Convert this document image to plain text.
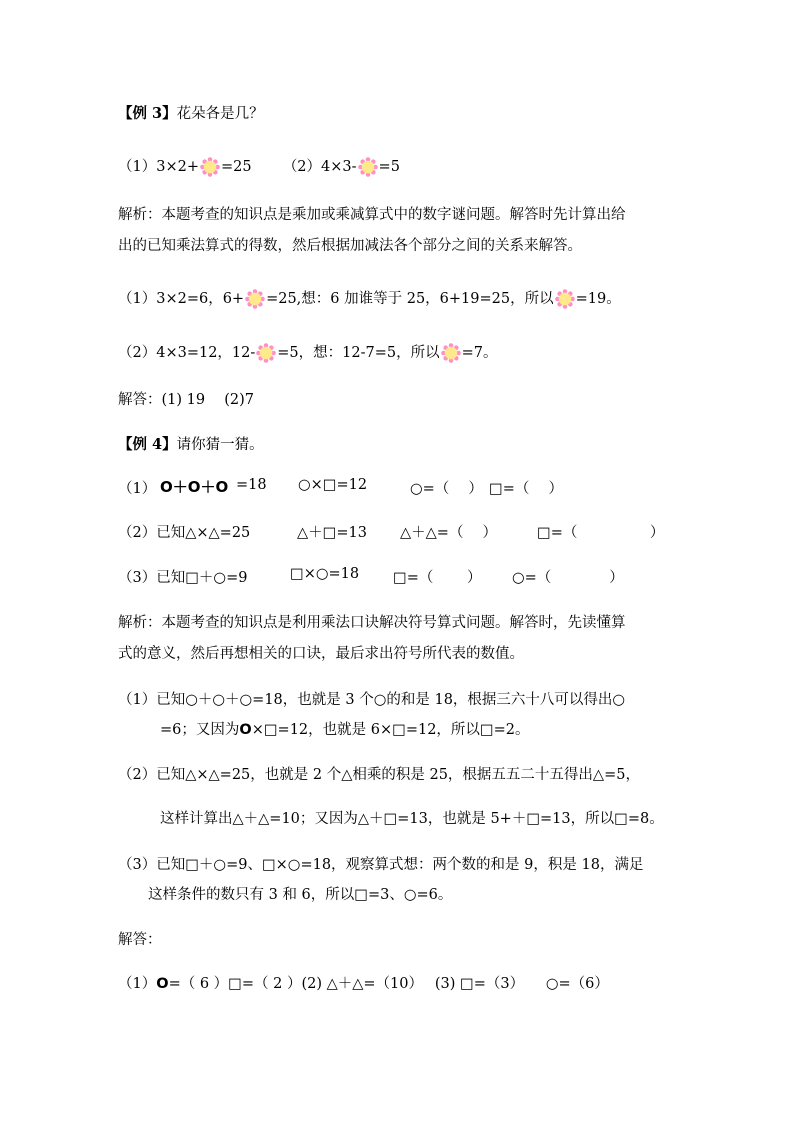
【例 3】花朵各是几？
（1）3×2+ =25 （2）4×3- =5
解析：本题考查的知识点是乘加或乘减算式中的数字谜问题。解答时先计算出给
出的已知乘法算式的得数，然后根据加减法各个部分之间的关系来解答。
（1）3×2=6，6+ =25,想：6 加谁等于 25，6+19=25，所以 =19。
（2）4×3=12，12- =5，想：12-7=5，所以 =7。
解答：(1) 19　 (2)7
【例 4】请你猜一猜。
（1） O＋O＋O =18 ○×□=12	○=（　 ） □=（　 ）
（2）已知△×△=25	△＋□=13 △＋△=（　 ）	□=（　　　　　）
（3）已知□＋○=9	□×○=18 □=（　　 ） ○=（　　　　）
解析：本题考查的知识点是利用乘法口诀解决符号算式问题。解答时，先读懂算
式的意义，然后再想相关的口诀，最后求出符号所代表的数值。
（1）已知○＋○＋○=18，也就是 3 个○的和是 18，根据三六十八可以得出○
=6；又因为O×□=12，也就是 6×□=12，所以□=2。
（2）已知△×△=25，也就是 2 个△相乘的积是 25，根据五五二十五得出△=5，
这样计算出△＋△=10；又因为△＋□=13，也就是 5+＋□=13，所以□=8。
（3）已知□＋○=9、□×○=18，观察算式想：两个数的和是 9，积是 18，满足
这样条件的数只有 3 和 6，所以□=3、○=6。
解答：
（1）O=（ 6 ）□=（ 2 ）(2) △＋△=（10）　 (3) □=（3）　　○=（6）
